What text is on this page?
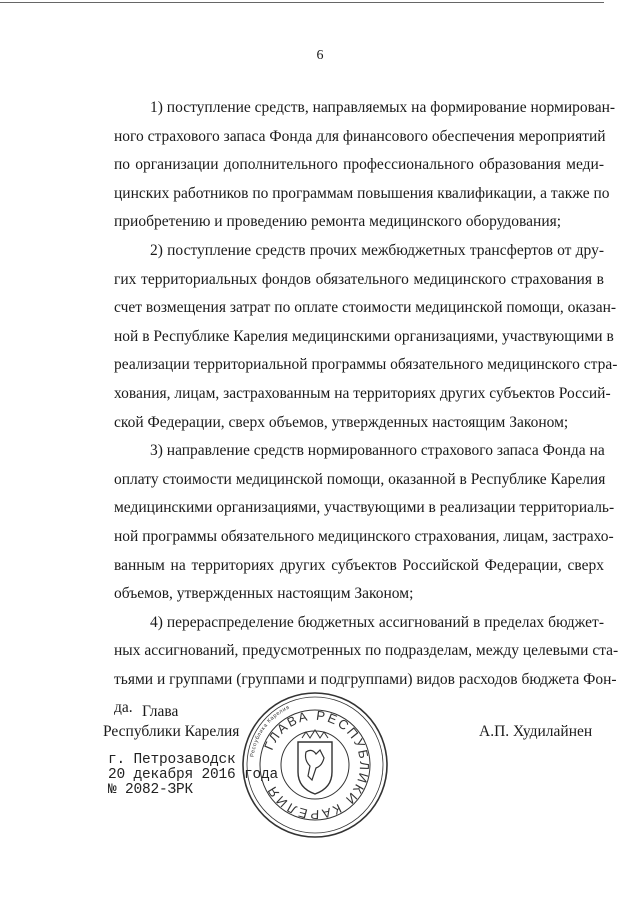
6

1) поступление средств, направляемых на формирование нормирован-
ного страхового запаса Фонда для финансового обеспечения мероприятий
по организации дополнительного профессионального образования меди-
цинских работников по программам повышения квалификации, а также по
приобретению и проведению ремонта медицинского оборудования;

2) поступление средств прочих межбюджетных трансфертов от дру-
гих территориальных фондов обязательного медицинского страхования в
счет возмещения затрат по оплате стоимости медицинской помощи, оказан-
ной в Республике Карелия медицинскими организациями, участвующими в
реализации территориальной программы обязательного медицинского стра-
хования, лицам, застрахованным на территориях других субъектов Россий-
ской Федерации, сверх объемов, утвержденных настоящим Законом;

3) направление средств нормированного страхового запаса Фонда на
оплату стоимости медицинской помощи, оказанной в Республике Карелия
медицинскими организациями, участвующими в реализации территориаль-
ной программы обязательного медицинского страхования, лицам, застрахо-
ванным на территориях других субъектов Российской Федерации, сверх
объемов, утвержденных настоящим Законом;

4) перераспределение бюджетных ассигнований в пределах бюджет-
ных ассигнований, предусмотренных по подразделам, между целевыми ста-
тьями и группами (группами и подгруппами) видов расходов бюджета Фон-
да. Глава
Республики Карелия	А.П. Худилайнен
г. Петрозаводск
20 декабря 2016 года
№ 2082-ЗРК
Республика Карелия
ГЛАВА РЕСПУБЛИКИ КАРЕЛИЯ
